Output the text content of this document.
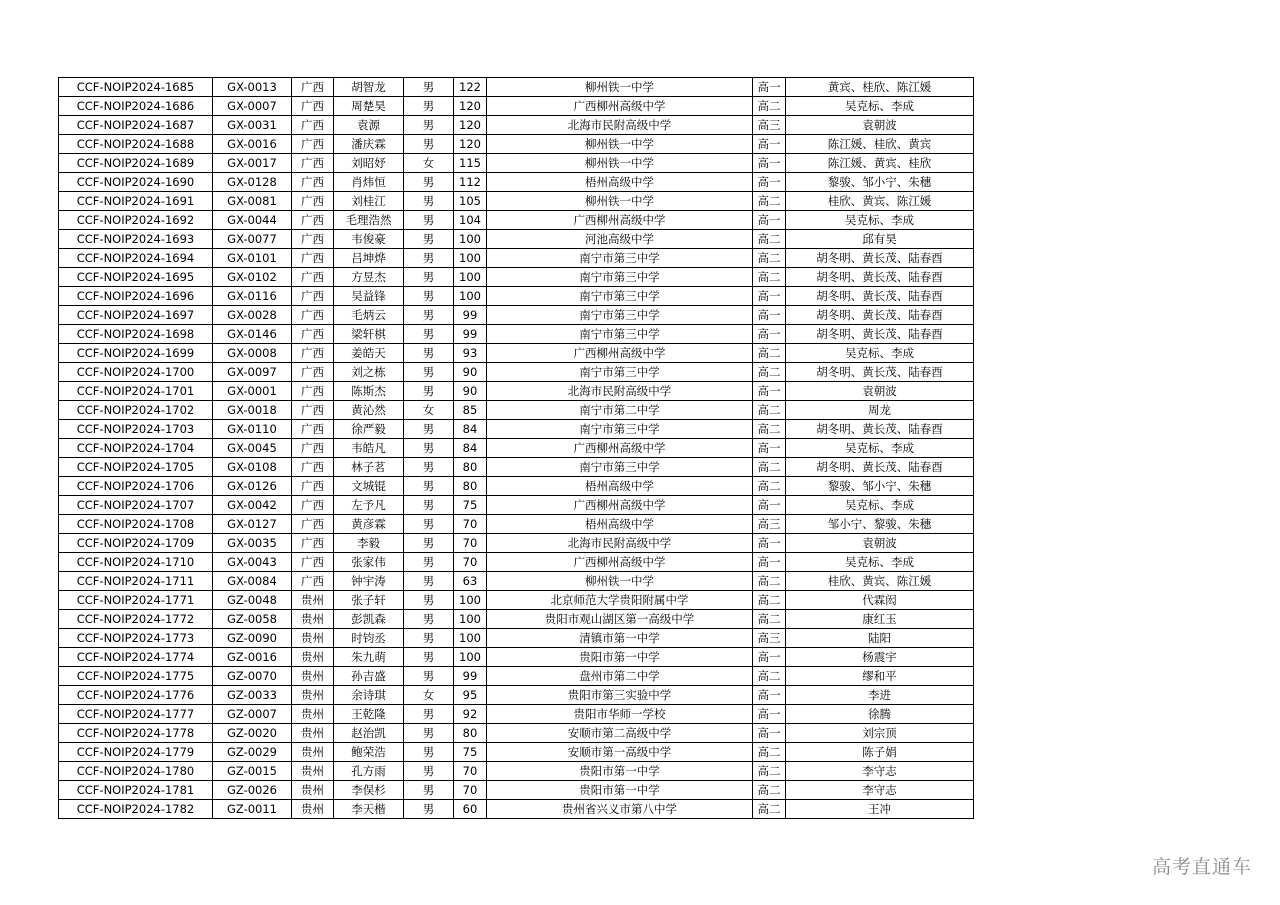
CCF-NOIP2024-1685	GX-0013	广西	胡智龙	男	122	柳州铁一中学	高一	黄宾、桂欣、陈江媛
CCF-NOIP2024-1686	GX-0007	广西	周楚昊	男	120	广西柳州高级中学	高二	吴克标、李成
CCF-NOIP2024-1687	GX-0031	广西	袁源	男	120	北海市民附高级中学	高三	袁朝波
CCF-NOIP2024-1688	GX-0016	广西	潘庆霖	男	120	柳州铁一中学	高一	陈江媛、桂欣、黄宾
CCF-NOIP2024-1689	GX-0017	广西	刘昭妤	女	115	柳州铁一中学	高一	陈江媛、黄宾、桂欣
CCF-NOIP2024-1690	GX-0128	广西	肖炜恒	男	112	梧州高级中学	高一	黎骏、邹小宁、朱穗
CCF-NOIP2024-1691	GX-0081	广西	刘桂江	男	105	柳州铁一中学	高二	桂欣、黄宾、陈江媛
CCF-NOIP2024-1692	GX-0044	广西	毛理浩然	男	104	广西柳州高级中学	高一	吴克标、李成
CCF-NOIP2024-1693	GX-0077	广西	韦俊豪	男	100	河池高级中学	高二	邱有昊
CCF-NOIP2024-1694	GX-0101	广西	吕坤烨	男	100	南宁市第三中学	高二	胡冬明、黄长茂、陆春酉
CCF-NOIP2024-1695	GX-0102	广西	方昱杰	男	100	南宁市第三中学	高二	胡冬明、黄长茂、陆春酉
CCF-NOIP2024-1696	GX-0116	广西	吴益锋	男	100	南宁市第三中学	高一	胡冬明、黄长茂、陆春酉
CCF-NOIP2024-1697	GX-0028	广西	毛炳云	男	99	南宁市第三中学	高一	胡冬明、黄长茂、陆春酉
CCF-NOIP2024-1698	GX-0146	广西	梁轩棋	男	99	南宁市第三中学	高一	胡冬明、黄长茂、陆春酉
CCF-NOIP2024-1699	GX-0008	广西	姜皓天	男	93	广西柳州高级中学	高二	吴克标、李成
CCF-NOIP2024-1700	GX-0097	广西	刘之栋	男	90	南宁市第三中学	高二	胡冬明、黄长茂、陆春酉
CCF-NOIP2024-1701	GX-0001	广西	陈斯杰	男	90	北海市民附高级中学	高一	袁朝波
CCF-NOIP2024-1702	GX-0018	广西	黄沁然	女	85	南宁市第二中学	高二	周龙
CCF-NOIP2024-1703	GX-0110	广西	徐严毅	男	84	南宁市第三中学	高二	胡冬明、黄长茂、陆春酉
CCF-NOIP2024-1704	GX-0045	广西	韦皓凡	男	84	广西柳州高级中学	高一	吴克标、李成
CCF-NOIP2024-1705	GX-0108	广西	林子茗	男	80	南宁市第三中学	高二	胡冬明、黄长茂、陆春酉
CCF-NOIP2024-1706	GX-0126	广西	文城锟	男	80	梧州高级中学	高二	黎骏、邹小宁、朱穗
CCF-NOIP2024-1707	GX-0042	广西	左予凡	男	75	广西柳州高级中学	高一	吴克标、李成
CCF-NOIP2024-1708	GX-0127	广西	黄彦霖	男	70	梧州高级中学	高三	邹小宁、黎骏、朱穗
CCF-NOIP2024-1709	GX-0035	广西	李毅	男	70	北海市民附高级中学	高一	袁朝波
CCF-NOIP2024-1710	GX-0043	广西	张家伟	男	70	广西柳州高级中学	高一	吴克标、李成
CCF-NOIP2024-1711	GX-0084	广西	钟宇涛	男	63	柳州铁一中学	高二	桂欣、黄宾、陈江媛
CCF-NOIP2024-1771	GZ-0048	贵州	张子轩	男	100	北京师范大学贵阳附属中学	高二	代霖闳
CCF-NOIP2024-1772	GZ-0058	贵州	彭凯森	男	100	贵阳市观山湖区第一高级中学	高二	康红玉
CCF-NOIP2024-1773	GZ-0090	贵州	时钧丞	男	100	清镇市第一中学	高三	陆阳
CCF-NOIP2024-1774	GZ-0016	贵州	朱九萌	男	100	贵阳市第一中学	高一	杨震宇
CCF-NOIP2024-1775	GZ-0070	贵州	孙吉盛	男	99	盘州市第二中学	高二	缪和平
CCF-NOIP2024-1776	GZ-0033	贵州	余诗琪	女	95	贵阳市第三实验中学	高一	李进
CCF-NOIP2024-1777	GZ-0007	贵州	王乾隆	男	92	贵阳市华师一学校	高一	徐腾
CCF-NOIP2024-1778	GZ-0020	贵州	赵治凯	男	80	安顺市第二高级中学	高一	刘宗顶
CCF-NOIP2024-1779	GZ-0029	贵州	鲍荣浩	男	75	安顺市第一高级中学	高二	陈子娟
CCF-NOIP2024-1780	GZ-0015	贵州	孔方雨	男	70	贵阳市第一中学	高二	李守志
CCF-NOIP2024-1781	GZ-0026	贵州	李俣杉	男	70	贵阳市第一中学	高二	李守志
CCF-NOIP2024-1782	GZ-0011	贵州	李天楷	男	60	贵州省兴义市第八中学	高二	王冲
高考直通车
